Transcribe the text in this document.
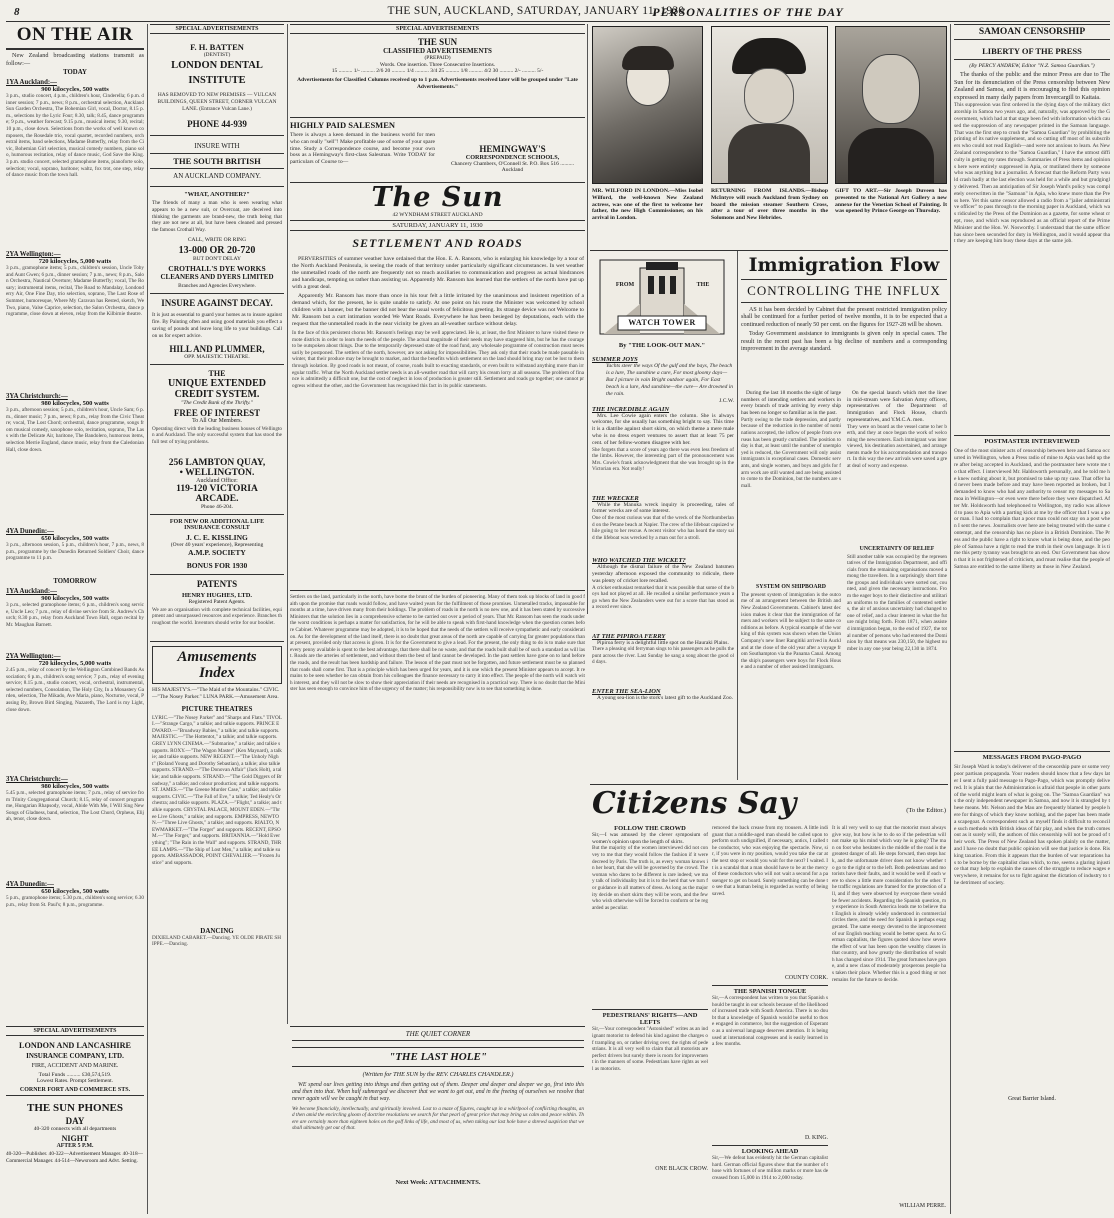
8	THE SUN, AUCKLAND, SATURDAY, JANUARY 11, 1930
PERSONALITIES OF THE DAY
ON THE AIR
New Zealand broadcasting stations transmit as follow:—
TODAY
1YA Auckland:—
900 kilocycles, 500 watts
3 p.m., studio concert, 4 p.m., children's hour, Cinderella; 6 p.m. dinner session; 7 p.m., news; 8 p.m., orchestral selection, Auckland Sun Garden Orchestra, The Bohemian Girl, vocal, Doctor, 8.15 p.m., selections by the Lyric Four; 8.30, talk; 8.45, dance programme; 9 p.m., weather forecast; 9.15 p.m., musical items; 9.30, recital; 10 p.m., close down. Selections from the works of well known composers, the Rosedale trio, vocal quartet, recorded numbers, orchestral items, band selections, Madame Butterfly, relay from the Civic, Bohemian Girl selection, musical comedy numbers, piano solo, humorous recitation, relay of dance music, God Save the King. 3 p.m. studio concert, selected gramophone items, pianoforte solo, selection; vocal, soprano, baritone; waltz, fox trot, one step, relay of dance music from the town hall.
2YA Wellington:—
720 kilocycles, 5,000 watts
3 p.m., gramophone items; 5 p.m., children's session, Uncle Toby and Aunt Gwen; 6 p.m., dinner session; 7 p.m., news; 8 p.m., Salon Orchestra, Nautical Overture; Madame Butterfly; vocal, The Rosary; instrumental items, recital, The Road to Mandalay, Londonderry Air, One Fine Day, trio selection, soprano, The Last Rose of Summer, humoresque, Where My Caravan has Rested, sketch, We Two, piano, Valse Caprice, selection, the Salon Orchestra, dance programme, close down at eleven, relay from the Kilbirnie theatre.
3YA Christchurch:—
980 kilocycles, 500 watts
3 p.m., afternoon session; 5 p.m., children's hour, Uncle Sam; 6 p.m., dinner music; 7 p.m., news; 8 p.m., relay from the Civic Theatre; vocal, The Lost Chord; orchestral, dance programme, songs from musical comedy, saxophone solo, recitation, soprano, The Lass with the Delicate Air, baritone, The Bandolero, humorous items, selection Merrie England, dance music, relay from the Caledonian Hall, close down.
4YA Dunedin:—
650 kilocycles, 500 watts
3 p.m., afternoon session, 5 p.m., children's hour, 7 p.m., news, 8 p.m., programme by the Dunedin Returned Soldiers' Choir, dance programme to 11 p.m.
TOMORROW
1YA Auckland:—
900 kilocycles, 500 watts
3 p.m., selected gramophone items; 6 p.m., children's song service, Uncle Leo; 7 p.m., relay of divine service from St. Andrew's Church; 8.30 p.m., relay from Auckland Town Hall, organ recital by Mr. Maughan Barnett.
2YA Wellington:—
720 kilocycles, 5,000 watts
2.45 p.m., relay of concert by the Wellington Combined Bands Association; 6 p.m., children's song service; 7 p.m., relay of evening service; 8.15 p.m., studio concert, vocal, orchestral, instrumental, selected numbers, Consolation, The Holy City, In a Monastery Garden, selection, The Mikado, Ave Maria, piano, Nocturne, vocal, Passing By, Brown Bird Singing, Nazareth, The Lord is my Light, close down.
3YA Christchurch:—
980 kilocycles, 500 watts
5.45 p.m., selected gramophone items; 7 p.m., relay of service from Trinity Congregational Church; 8.15, relay of concert programme, Hungarian Rhapsody, vocal, Abide With Me, I Will Sing New Songs of Gladness, band, selection, The Lost Chord, Orpheus, Elijah, tenor, close down.
4YA Dunedin:—
650 kilocycles, 500 watts
5 p.m., gramophone items; 5.30 p.m., children's song service; 6.30 p.m., relay from St. Paul's; 8 p.m., programme.
SPECIAL ADVERTISEMENTS
LONDON AND LANCASHIRE
INSURANCE COMPANY, LTD.
FIRE, ACCIDENT AND MARINE.
Total Funds .......... £30,574,519.
Lowest Rates. Prompt Settlement.
CORNER FORT AND COMMERCE STS.
THE SUN PHONES
DAY
40-320 connects with all departments
NIGHT
AFTER 5 P.M.
40-320—Publisher. 40-322—Advertisement Manager. 40-318—Commercial Manager. 44-514—Newsroom and Advt. Setting.
SPECIAL ADVERTISEMENTS
F. H. BATTEN
(DENTIST)
LONDON DENTAL
INSTITUTE
HAS REMOVED TO NEW PREMISES — VULCAN BUILDINGS, QUEEN STREET, CORNER VULCAN LANE. (Entrance Vulcan Lane.)
PHONE 44-939
INSURE WITH
THE SOUTH BRITISH
AN AUCKLAND COMPANY.
"WHAT, ANOTHER?"
The friends of many a man who is seen wearing what appears to be a new suit, or Overcoat, are deceived into thinking the garments are brand-new, the truth being that they are not new at all, but have been cleaned and pressed the famous Crothall Way.
CALL, WRITE OR RING
13-000 OR 20-720
BUT DON'T DELAY
CROTHALL'S DYE WORKS
CLEANERS AND DYERS LIMITED
Branches and Agencies Everywhere.
INSURE AGAINST DECAY.
It is just as essential to guard your homes as to insure against fire. By Painting often and using good materials you effect a saving of pounds and leave long life to your buildings. Call on us for expert advice.
HILL AND PLUMMER,
OPP. MAJESTIC THEATRE.
THE
UNIQUE EXTENDED
CREDIT SYSTEM.
"The Credit Bank of the Thrifty."
FREE OF INTEREST
To All Our Members.
Operating direct with the leading business houses of Wellington and Auckland. The only successful system that has stood the full test of trying problems.
256 LAMBTON QUAY,
• WELLINGTON.
Auckland Office:
119-120 VICTORIA
ARCADE.
Phone 46-204.
FOR NEW OR ADDITIONAL LIFE INSURANCE CONSULT
J. C. E. KISSLING
(Over 40 years' experience), Representing
A.M.P. SOCIETY
BONUS FOR 1930
PATENTS
HENRY HUGHES, LTD.
Registered Patent Agents.
We are an organisation with complete technical facilities, equipment and unsurpassed resources and experience. Branches throughout the world. Inventors should write for our booklet.
Amusements
Index
HIS MAJESTY'S.—"The Maid of the Mountains." CIVIC.—"The Nosey Parker." LUNA PARK.—Amusement Area.
PICTURE THEATRES
LYRIC.—"The Nosey Parker" and "Sharps and Flats." TIVOLI.—"Strange Cargo," a talkie; and talkie supports. PRINCE EDWARD.—"Broadway Babies," a talkie; and talkie supports. MAJESTIC.—"The Hottentot," a talkie; and talkie supports. GREY LYNN CINEMA.—"Submarine," a talkie; and talkie supports. ROXY.—"The Wagon Master" (Ken Maynard), a talkie; and talkie supports. NEW REGENT.—"The Unholy Night" (Roland Young and Dorothy Sebastian), a talkie; also talkie supports. STRAND.—"The Donovan Affair" (Jack Holt), a talkie; and talkie supports. STRAND.—"The Gold Diggers of Broadway," a talkie; and colour production; and talkie supports. ST. JAMES.—"The Greene Murder Case," a talkie; and talkie supports. CIVIC.—"The Fall of Eve," a talkie; Ted Healy's Orchestra; and talkie supports. PLAZA.—"Flight," a talkie; and talkie supports. CRYSTAL PALACE, MOUNT EDEN.—"Three Live Ghosts," a talkie; and supports. EMPRESS, NEWTON.—"Three Live Ghosts," a talkie; and supports. RIALTO, NEWMARKET.—"The Forger" and supports. RECENT, EPSOM.—"The Forger," and supports. BRITANNIA.—"Hold Everything"; "The Rain in the Wall" and supports. STRAND, THREE LAMPS.—"The Ship of Lost Men," a talkie; and talkie supports. AMBASSADOR, POINT CHEVALIER.—"Frozen Justice" and supports.
DANCING
DIXIELAND CABARET.—Dancing. YE OLDE PIRATE SHIPPE.—Dancing.
SPECIAL ADVERTISEMENTS
THE SUN
CLASSIFIED ADVERTISEMENTS
(PREPAID)
Words. One insertion. Three Consecutive Insertions.
15 .......... 1/- .......... 2/6 20 .......... 1/4 .......... 3/4 25 .......... 1/8 .......... 4/2 30 .......... 2/- .......... 5/-
Advertisements for Classified Columns received up to 1 p.m. Advertisements received later will be grouped under "Late Advertisements."
HIGHLY PAID SALESMEN
There is always a keen demand in the business world for men who can really "sell"! Make profitable use of some of your spare time. Study a Correspondence course, and become your own boss as a Hemingway's first-class Salesman. Write TODAY for particulars of Course to—
HEMINGWAY'S
CORRESPONDENCE SCHOOLS,
Chancery Chambers, O'Connell St. P.O. Box 516 .......... Auckland
The Sun
42 WYNDHAM STREET AUCKLAND
SATURDAY, JANUARY 11, 1930
SETTLEMENT AND ROADS
PERVERSITIES of summer weather have ordained that the Hon. E. A. Ransom, who is enlarging his knowledge by a tour of the North Auckland Peninsula, is seeing the roads of that territory under particularly significant circumstances. In wet weather the unmetalled roads of the north are frequently not so much auxiliaries to communication and progress as actual hindrances and handicaps, tempting us rather than assisting us. Apparently Mr. Ransom has learned that the settlers of the north have put up with a great deal.
Apparently Mr. Ransom has more than once in his tour felt a little irritated by the unanimous and insistent repetition of a demand which, for the present, he is quite unable to satisfy. At one point on his route the Minister was welcomed by school children with a banner, but the banner did not bear the usual words of felicitous greeting. Its strange device was not Welcome to Mr. Ransom but a curt intimation worded We Want Roads. Everywhere he has been besieged by deputations, each with the request that the unmetalled roads in the near vicinity be given an all-weather surface without delay.
In the face of this persistent chorus Mr. Ransom's feelings may be well appreciated. He is, at least, the first Minister to have visited these remote districts in order to learn the needs of the people. The actual magnitude of their needs may have staggered him, but he has the courage to be outspoken about things. Due to the temporarily depressed state of the road fund, any wholesale programme of construction must necessarily be postponed. The settlers of the north, however, are not asking for impossibilities. They ask only that their roads be made passable in winter, that their produce may be brought to market, and that the benefits which settlement on the land should bring may not be lost to them through isolation. By good roads is not meant, of course, roads built to exacting standards, or even built to withstand anything more than irregular traffic. What the North Auckland settler needs is an all-weather road that will carry his cream lorry at all seasons. The problem of finance is admittedly a difficult one, but the cost of neglect in loss of production is greater still. Settlement and roads go together; one cannot progress without the other, and the Government has recognised this fact in its public statements.
Settlers on the land, particularly in the north, have borne the brunt of the burden of pioneering. Many of them took up blocks of land in good faith upon the promise that roads would follow, and have waited years for the fulfilment of those promises. Unmetalled tracks, impassable for months at a time, have driven many from their holdings. The problem of roads in the north is no new one, and it has been stated by successive Ministers that the solution lies in a comprehensive scheme to be carried out over a period of years. That Mr. Ransom has seen the roads under the worst conditions is perhaps a matter for satisfaction, for he will be able to speak with first-hand knowledge when the question comes before Cabinet. Whatever programme may be adopted, it is to be hoped that the needs of the settlers will receive sympathetic and early consideration. As for the development of the land itself, there is no doubt that great areas of the north are capable of carrying far greater populations than at present, provided only that access is given. It is for the Government to give a lead. For the present, the only thing to do is to make sure that every penny available is spent to the best advantage, that there shall be no waste, and that the roads built shall be of such a standard as will last. Roads are the arteries of settlement, and without them the best of land cannot be developed. In the past settlers have gone on to land before the roads, and the result has been hardship and failure. The lesson of the past must not be forgotten, and future settlement must be so planned that roads shall come first. That is a principle which has been urged for years, and it is one which the present Minister appears to accept. It remains to be seen whether he can obtain from his colleagues the finance necessary to carry it into effect. The people of the north will watch with interest, and they will not be slow to show their appreciation if their needs are recognised in a practical way. There is no doubt that the Minister has seen enough to convince him of the urgency of the matter; his responsibility now is to see that something is done.
THE QUIET CORNER
"THE LAST HOLE"
(Written for THE SUN by the REV. CHARLES CHANDLER.)
WE spend our lives getting into things and then getting out of them. Deeper and deeper and deeper we go, first into this and then into that. When half submerged we discover that we want to get out, and in the freeing of ourselves we resolve that never again will we be caught in that way.
We become financially, intellectually, and spiritually involved. Lost to a maze of figures, caught up in a whirlpool of conflicting thoughts, and then amid the encircling gloom of doctrine resolutions we search for that pearl of great price that may bring us calm and peace within. There are certainly more than eighteen holes on the golf links of life, and most of us, when taking our last hole have a shrewd suspicion that we shall ultimately get out of that.
Next Week: ATTACHMENTS.
MR. WILFORD IN LONDON.—Miss Isobel Wilford, the well-known New Zealand actress, was one of the first to welcome her father, the new High Commissioner, on his arrival in London.
RETURNING FROM ISLANDS.—Bishop McIntyre will reach Auckland from Sydney on board the mission steamer Southern Cross, after a tour of over three months in the Solomons and New Hebrides.
GIFT TO ART.—Sir Joseph Duveen has presented to the National Art Gallery a new annexe for the Venetian School of Painting. It was opened by Prince George on Thursday.
FROM	THE
WATCH TOWER
By "THE LOOK-OUT MAN."
SUMMER JOYS
Yachts steer the ways Of the gulf and the bays, The beach is a lure, The sunshine a cure, For most gloomy days— But I picture in vain Bright outdoor again, For East beach is a lure, And sunshine—the cure— Are drowned in the rain.
J.C.W.
THE INCREDIBLE AGAIN
Mrs. Lee Cowie again enters the column. She is always welcome, for she usually has something bright to say. This time it is a diatribe against short skirts, on which theme a mere male who is no dress expert ventures to assert that at least 75 per cent. of her fellow-women disagree with her.
She forgets that a score of years ago there was even less freedom of the limbs. However, the interesting part of the pronouncement was Mrs. Cowie's frank acknowledgment that she was brought up in the Victorian era. Not really!
THE WRECKER
While the Manuka wreck inquiry is proceeding, tales of former wrecks are of some interest.
One of the most curious was that of the wreck of the Northumberland on the Petane beach at Napier. The crew of the lifeboat capsized while going to her rescue. A recent visitor who has heard the story said the lifeboat was wrecked by a man out for a stroll.
WHO WATCHED THE WICKET?
Although the dismal failure of the New Zealand batsmen yesterday afternoon exposed the community to ridicule, there was plenty of cricket lore recalled.
A cricket enthusiast remarked that it was possible that some of the boys had not played at all. He recalled a similar performance years ago when the New Zealanders were out for a score that has stood as a record ever since.
AT THE PIPIROA FERRY
Pipiroa ferry is a delightful little spot on the Hauraki Plains.
There a pleasing old ferryman sings to his passengers as he pulls the punt across the river. Last Sunday he sang a song about the good old days.
ENTER THE SEA-LION
A young sea-lion is the stork's latest gift to the Auckland Zoo.
Immigration Flow
CONTROLLING THE INFLUX
AS it has been decided by Cabinet that the present restricted immigration policy shall be continued for a further period of twelve months, it is to be expected that a continued reduction of nearly 50 per cent. on the figures for 1927-28 will be shown.
Today Government assistance to immigrants is given only in special cases. The result in the recent past has been a big decline of numbers and a corresponding improvement in the average standard.
During the last 18 months the sight of large numbers of intending settlers and workers in every branch of trade arriving by every ship has been no longer so familiar as in the past.
Partly owing to the trade depression, and partly because of the reduction in the number of nominations accepted, the inflow of people from overseas has been greatly curtailed. The position today is that, at least until the number of unemployed is reduced, the Government will only assist immigrants in exceptional cases. Domestic servants, and single women, and boys and girls for farm work are still wanted and are being assisted to come to the Dominion, but the numbers are small.
SYSTEM ON SHIPBOARD
The present system of immigration is the outcome of an arrangement between the British and New Zealand Governments. Cabinet's latest decision makes it clear that the immigration of farmers and workers will be subject to the same conditions as before. A typical example of the working of this system was shown when the Union Company's new liner Rangitiki arrived in Auckland at the close of the old year after a voyage from Southampton via the Panama Canal. Among the ship's passengers were boys for Flock House and a number of other assisted immigrants.
On the special launch which met the liner in mid-stream were Salvation Army officers, representatives of the Department of Immigration and Flock House, church representatives, and Y.M.C.A. men.
They were on board as the vessel came to her berth, and they at once began the work of welcoming the newcomers. Each immigrant was interviewed, his destination ascertained, and arrangements made for his accommodation and transport. In this way the new arrivals were saved a great deal of worry and expense.
UNCERTAINTY OF RELIEF
Still another table was occupied by the representatives of the Immigration Department, and officials from the remaining organisations moved among the travellers. In a surprisingly short time the groups and individuals were sorted out, counted, and given the necessary instructions. From the eager boys to their distinctive and utilitarian uniforms to the families of contented settlers, the air of anxious uncertainty had changed to one of relief, and a clear interest in what the future might bring forth. From 1871, when assisted immigration began, to the end of 1927, the total number of persons who had entered the Dominion by that means was 230,150, the highest number in any one year being 22,130 in 1874.
Citizens Say	(To the Editor.)
FOLLOW THE CROWD
Sir,—I was amused by the clever symposium of women's opinion upon the length of skirts.
But the majority of the women interviewed did not convey to me that they would follow the fashion if it were decreed by Paris. The truth is, as every woman knows in her heart, that she will be governed by the crowd. The woman who dares to be different is rare indeed; we may talk of individuality but it is to the herd that we turn for guidance in all matters of dress. As long as the majority decide on short skirts they will be worn, and the few who wish otherwise will be forced to conform or be regarded as peculiar.
PEDESTRIANS' RIGHTS—AND LEFTS
Sir,—Your correspondent "Astonished" writes as an indignant motorist to defend his kind against the charges of trampling on, or rather driving over, the rights of pedestrians. It is all very well to claim that all motorists are perfect drivers but surely there is room for improvement in the manners of some. Pedestrians have rights as well as motorists.
ONE BLACK CROW.
removed the back crease from my trousers. A little indignant that a middle-aged man should be called upon to perform such undignified, if necessary, antics, I called the conductor, who was enjoying the spectacle. Now, sir, if you were in my position, would you take the car at the next stop or would you wait for the next? I waited. It is a scandal that a man should have to be at the mercy of these conductors who will not wait a second for a passenger to get on board. Surely something can be done to see that a human being is regarded as worthy of being saved.
COUNTY CORK.
THE SPANISH TONGUE
Sir,—A correspondent has written to you that Spanish should be taught in our schools because of the likelihood of increased trade with South America. There is no doubt that a knowledge of Spanish would be useful to those engaged in commerce, but the suggestion of Esperanto as a universal language deserves attention. It is being used at international congresses and is easily learned in a few months.
D. KING.
LOOKING AHEAD
Sir,—We defeat has evidently hit the German capitalist hard. German official figures show that the number of those with fortunes of one million marks or more has decreased from 15,000 in 1914 to 2,000 today.
It is all very well to say that the motorist must always give way, but how is he to do so if the pedestrian will not make up his mind which way he is going? The man on foot who hesitates in the middle of the road is the greatest danger of all. He steps forward, then steps back, and the unfortunate driver does not know whether to go to the right or to the left. Both pedestrians and motorists have their faults, and it would be well if each were to show a little more consideration for the other. The traffic regulations are framed for the protection of all, and if they were observed by everyone there would be fewer accidents. Regarding the Spanish question, my experience in South America leads me to believe that English is already widely understood in commercial circles there, and the need for Spanish is perhaps exaggerated. The same energy devoted to the improvement of our English teaching would be better spent. As to German capitalists, the figures quoted show how severe the effect of war has been upon the wealthy classes in that country, and how greatly the distribution of wealth has changed since 1914. The great fortunes have gone, and a new class of moderately prosperous people has taken their place. Whether this is a good thing or not remains for the future to decide.
WILLIAM PERRE.
SAMOAN CENSORSHIP
LIBERTY OF THE PRESS
(By PERCY ANDREW, Editor "N.Z. Samoa Guardian.")
The thanks of the public and the minor Press are due to The Sun for its denunciation of the Press censorship between New Zealand and Samoa, and it is encouraging to find this opinion expressed in many daily papers from Invercargill to Kaitaia.
This suppression was first ordered in the dying days of the military dictatorship in Samoa two years ago, and, naturally, was approved by the Government, which had at that stage been fed with information which caused the suppression of any newspaper printed in the Samoan language. That was the first step to crush the "Samoa Guardian" by prohibiting the printing of its native supplement, and so cutting off most of its subscribers who could not read English—and were not anxious to learn. As New Zealand correspondent to the "Samoa Guardian," I have the utmost difficulty in getting my rates through. Summaries of Press items and opinions here were entirely suppressed in Apia, or mutilated there by someone who was anything but a journalist. A forecast that the Reform Party would crash badly at the last election was held for a while and but grudgingly delivered. Then an anticipation of Sir Joseph Ward's policy was completely overwritten in the "Samoan" in Apia, who knew more than the Press here. Yet this same censor allowed a radio from a "jailer administrative officer" to pass through to the morning paper in Auckland, which was ridiculed by the Press of the Dominion as a gazette, for some wheat crept, rose, and which was reproduced as an official report of the Prime Minister and the Hon. W. Nosworthy. I understand that the same officer has since been seconded for duty in Wellington, and it would appear that they are keeping him busy these days at the same job.
POSTMASTER INTERVIEWED
One of the most sinister acts of censorship between here and Samoa occurred in Wellington, when a Press radio of mine to Apia was held up there after being accepted in Auckland, and the postmaster here wrote me to that effect. I interviewed Mr. Haldsworth personally, and he told me he knew nothing about it, but promised to take up my case. That offer had never been made before and may have been reported as broken, but I demanded to know who had any authority to censor my messages to Samoa in Wellington—or even were there before they were dispatched. After Mr. Holdsworth had telephoned to Wellington, my radio was allowed to pass to Apia with a parting kick at me by the officer that I was a poor man. I had to complain that a poor man could not stay on a post when I sent the news. Journalists over here are being treated with the same contempt, and the censorship has no place in a British Dominion. The Press and the public have a right to know what is being done, and the people of Samoa have a right to read the truth in their own language. It is time this petty tyranny was brought to an end. Our Government has shown that it is not frightened of criticism, and must realise that the people of Samoa are entitled to the same liberty as those in New Zealand.
MESSAGES FROM PAGO-PAGO
Sir Joseph Ward is today's deliverer of the censorship pure or some very poor partisan propaganda. Your readers should know that a few days later I sent a fully paid message to Pago-Pago, which was promptly delivered. It is plain that the Administration is afraid that people in other parts of the world might learn of what is going on. The "Samoa Guardian" was the only independent newspaper in Samoa, and now it is strangled by these means. Mr. Nelson and the Mau are frequently blamed by people here for things of which they know nothing, and the paper has been made a scapegoat. A correspondent such as myself finds it difficult to reconcile such methods with British ideas of fair play, and when the truth comes out as it surely will, the authors of this censorship will not be proud of their work. The Press of New Zealand has spoken plainly on the matter, and I have no doubt that public opinion will see that justice is done. Risking taxation. From this it appears that the burden of war reparations has to be borne by the capitalist class which, to me, seems a glaring injustice that may help to explain the causes of the struggle to reduce wages everywhere, it remains for us to fight against the dictation of industry to the detriment of society.
Great Barrier Island.
